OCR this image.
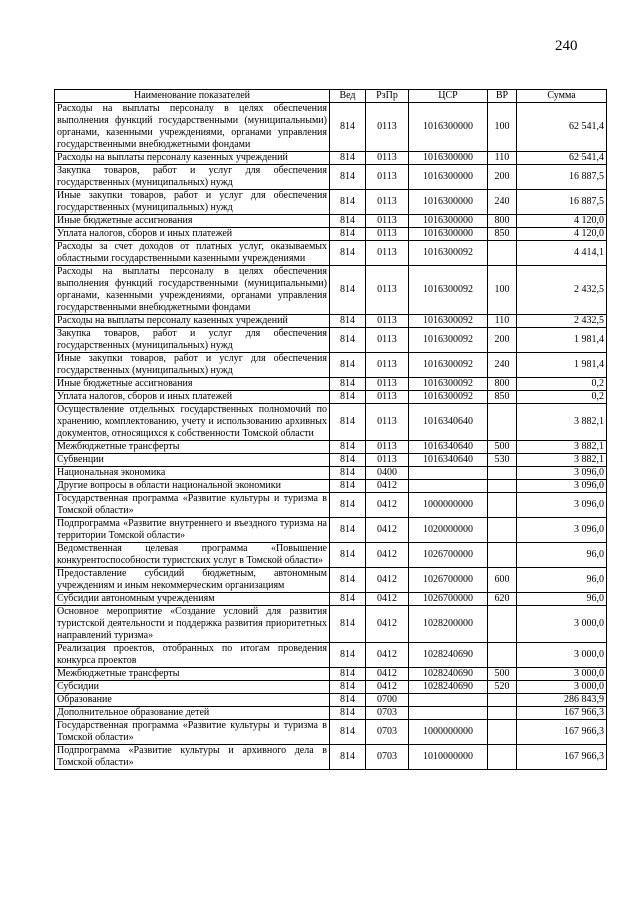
240
Наименование показателей	Вед	РзПр	ЦСР	ВР	Сумма
Расходы на выплаты персоналу в целях обеспечения выполнения функций государственными (муниципальными) органами, казенными учреждениями, органами управления государственными внебюджетными фондами	814	0113	1016300000	100	62 541,4
Расходы на выплаты персоналу казенных учреждений	814	0113	1016300000	110	62 541,4
Закупка товаров, работ и услуг для обеспечения государственных (муниципальных) нужд	814	0113	1016300000	200	16 887,5
Иные закупки товаров, работ и услуг для обеспечения государственных (муниципальных) нужд	814	0113	1016300000	240	16 887,5
Иные бюджетные ассигнования	814	0113	1016300000	800	4 120,0
Уплата налогов, сборов и иных платежей	814	0113	1016300000	850	4 120,0
Расходы за счет доходов от платных услуг, оказываемых областными государственными казенными учреждениями	814	0113	1016300092		4 414,1
Расходы на выплаты персоналу в целях обеспечения выполнения функций государственными (муниципальными) органами, казенными учреждениями, органами управления государственными внебюджетными фондами	814	0113	1016300092	100	2 432,5
Расходы на выплаты персоналу казенных учреждений	814	0113	1016300092	110	2 432,5
Закупка товаров, работ и услуг для обеспечения государственных (муниципальных) нужд	814	0113	1016300092	200	1 981,4
Иные закупки товаров, работ и услуг для обеспечения государственных (муниципальных) нужд	814	0113	1016300092	240	1 981,4
Иные бюджетные ассигнования	814	0113	1016300092	800	0,2
Уплата налогов, сборов и иных платежей	814	0113	1016300092	850	0,2
Осуществление отдельных государственных полномочий по хранению, комплектованию, учету и использованию архивных документов, относящихся к собственности Томской области	814	0113	1016340640		3 882,1
Межбюджетные трансферты	814	0113	1016340640	500	3 882,1
Субвенции	814	0113	1016340640	530	3 882,1
Национальная экономика	814	0400			3 096,0
Другие вопросы в области национальной экономики	814	0412			3 096,0
Государственная программа «Развитие культуры и туризма в Томской области»	814	0412	1000000000		3 096,0
Подпрограмма «Развитие внутреннего и въездного туризма на территории Томской области»	814	0412	1020000000		3 096,0
Ведомственная целевая программа «Повышение конкурентоспособности туристских услуг в Томской области»	814	0412	1026700000		96,0
Предоставление субсидий бюджетным, автономным учреждениям и иным некоммерческим организациям	814	0412	1026700000	600	96,0
Субсидии автономным учреждениям	814	0412	1026700000	620	96,0
Основное мероприятие «Создание условий для развития туристской деятельности и поддержка развития приоритетных направлений туризма»	814	0412	1028200000		3 000,0
Реализация проектов, отобранных по итогам проведения конкурса проектов	814	0412	1028240690		3 000,0
Межбюджетные трансферты	814	0412	1028240690	500	3 000,0
Субсидии	814	0412	1028240690	520	3 000,0
Образование	814	0700			286 843,9
Дополнительное образование детей	814	0703			167 966,3
Государственная программа «Развитие культуры и туризма в Томской области»	814	0703	1000000000		167 966,3
Подпрограмма «Развитие культуры и архивного дела в Томской области»	814	0703	1010000000		167 966,3
